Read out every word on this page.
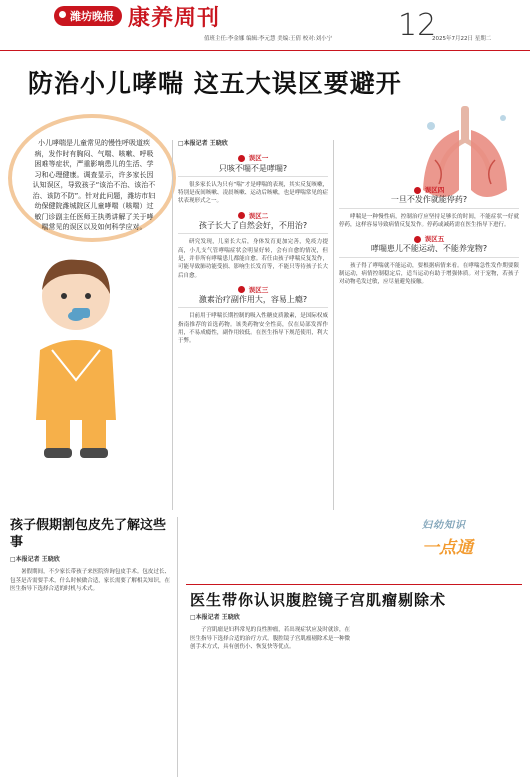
潍坊晚报 康养周刊	12
值班主任:李金娜 编辑:李元慧 美编:王倩 校对:刘小宁	2025年7月22日 星期二
防治小儿哮喘 这五大误区要避开
小儿哮喘是儿童常见的慢性呼吸道疾病，发作时有胸闷、气喘、咳嗽、呼吸困难等症状，严重影响患儿的生活、学习和心理健康。调查显示，许多家长因认知误区，导致孩子“该治不治、该治不治、该防不防”。针对此问题，潍坊市妇幼保健院潍城院区儿童哮喘（咳喘）过敏门诊副主任医师王执勇讲解了关于哮喘常见的误区以及如何科学应对。
□本报记者 王晓欣
误区一
只咳不喘不是哮喘?

很多家长认为只有“喘”才是哮喘的表现，其实反复咳嗽，特别是夜间咳嗽、凌晨咳嗽、运动后咳嗽，也是哮喘常见的症状表现形式之一。

误区二
孩子长大了自然会好，不用治?

研究发现，儿童长大后，身体发育更加完善，免疫力提高，小儿支气管哮喘症状会明显好转，会有自愈的情况，但是，并非所有哮喘患儿都能自愈。若任由孩子哮喘反复发作，可能导致肺功能受损、影响生长发育等，不能只等待孩子长大后自愈。

误区三
激素治疗副作用大，容易上瘾?

目前用于哮喘长期控制的吸入性糖皮质激素，是国际权威指南推荐的首选药物。该类药物安全性高，仅在局部发挥作用，不易成瘾性，副作用较低。在医生指导下规范使用，利大于弊。

误区四
一旦不发作就能停药?

哮喘是一种慢性病，控制治疗应坚持足够长的时间，不能症状一好就停药，这样容易导致病情反复发作。停药或减药需在医生指导下进行。

误区五
哮喘患儿不能运动、不能养宠物?

孩子得了哮喘就不能运动，要根据病情来看。在哮喘急性发作期要限制运动，病情控制稳定后，适当运动有助于增强体质。对于宠物，若孩子对动物毛发过敏，应尽量避免接触。

孩子假期割包皮先了解这些事
□本报记者 王晓欣

暑假期间，不少家长带孩子来医院咨询包皮手术。包皮过长、包茎是否需要手术，什么时候做合适，家长需要了解相关知识，在医生指导下选择合适的时机与术式。

妇幼知识
一点通
医生带你认识腹腔镜子宫肌瘤剔除术
□本报记者 王晓欣

子宫肌瘤是妇科常见的良性肿瘤，若出现症状应及时就诊，在医生指导下选择合适的治疗方式。腹腔镜子宫肌瘤剔除术是一种微创手术方式，具有创伤小、恢复快等优点。
